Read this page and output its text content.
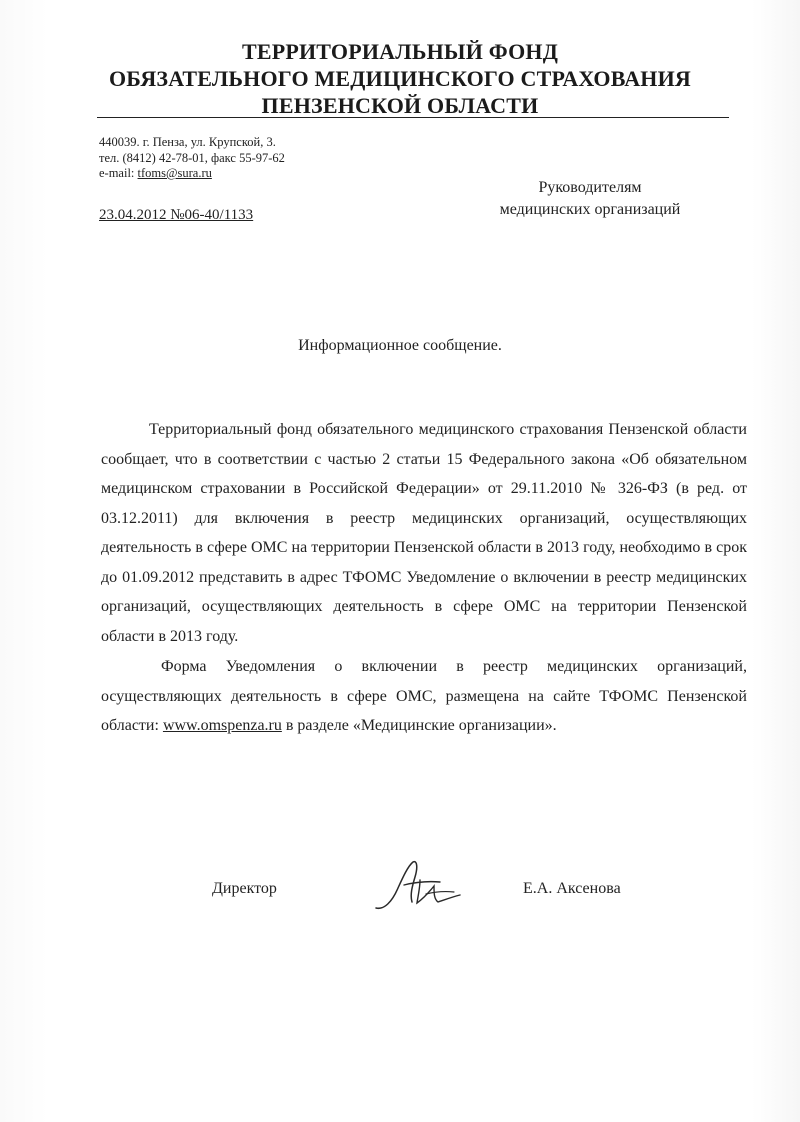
ТЕРРИТОРИАЛЬНЫЙ ФОНД
ОБЯЗАТЕЛЬНОГО МЕДИЦИНСКОГО СТРАХОВАНИЯ
ПЕНЗЕНСКОЙ ОБЛАСТИ
440039. г. Пенза, ул. Крупской, 3.
тел. (8412) 42-78-01, факс 55-97-62
e-mail: tfoms@sura.ru
23.04.2012 №06-40/1133
Руководителям
медицинских организаций
Информационное сообщение.

Территориальный фонд обязательного медицинского страхования Пензенской области сообщает, что в соответствии с частью 2 статьи 15 Федерального закона «Об обязательном медицинском страховании в Российской Федерации» от 29.11.2010 № 326-ФЗ (в ред. от 03.12.2011) для включения в реестр медицинских организаций, осуществляющих деятельность в сфере ОМС на территории Пензенской области в 2013 году, необходимо в срок до 01.09.2012 представить в адрес ТФОМС Уведомление о включении в реестр медицинских организаций, осуществляющих деятельность в сфере ОМС на территории Пензенской области в 2013 году.

Форма Уведомления о включении в реестр медицинских организаций, осуществляющих деятельность в сфере ОМС, размещена на сайте ТФОМС Пензенской области: www.omspenza.ru в разделе «Медицинские организации».

Директор	Е.А. Аксенова
